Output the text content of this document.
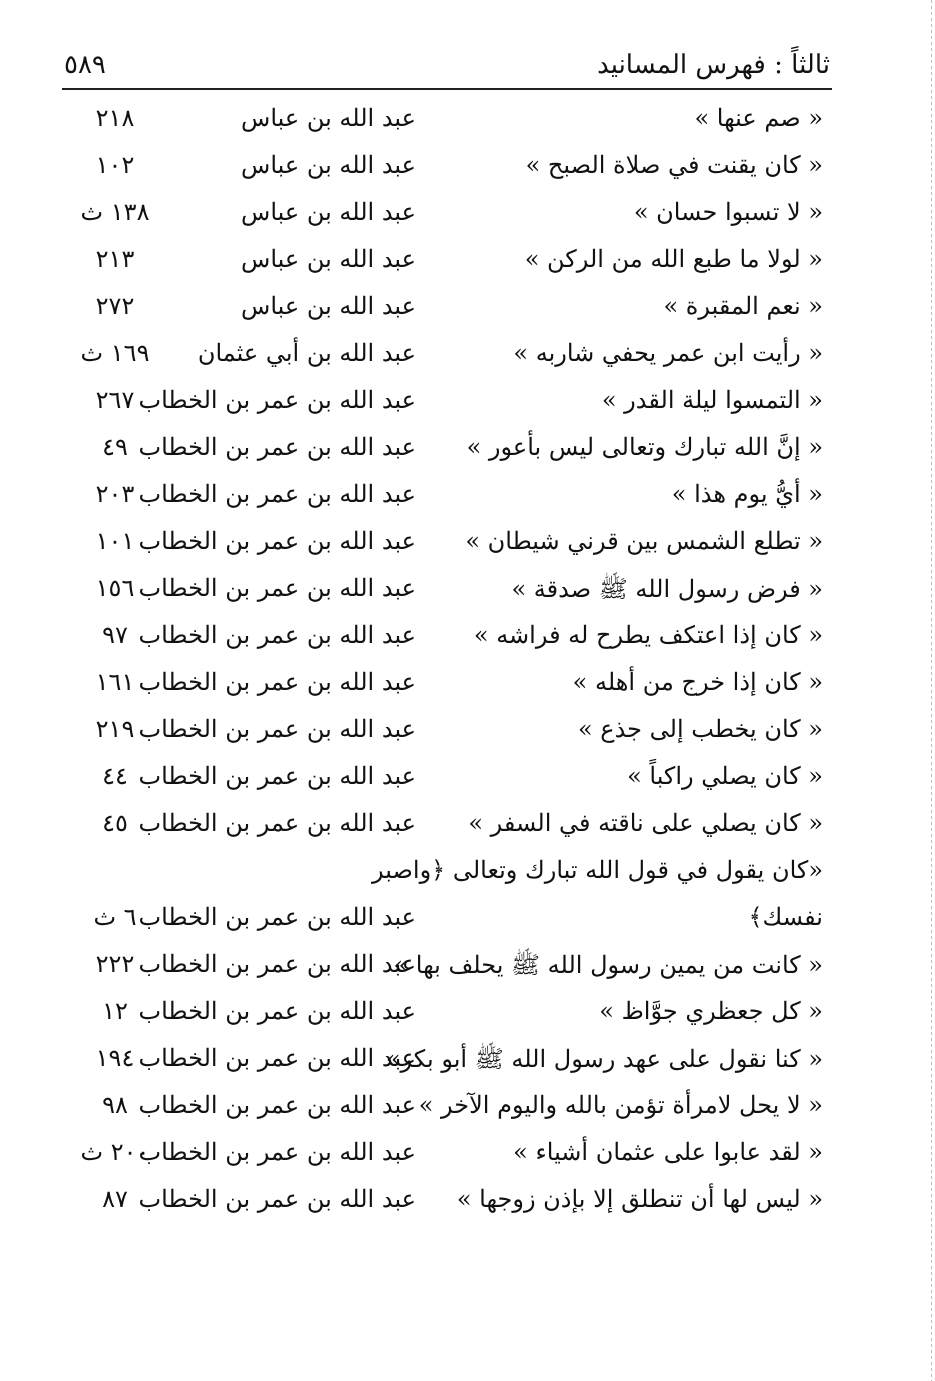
٥٨٩	ثالثاً : فهرس المسانيد
« صم عنها »
عبد الله بن عباس
٢١٨
« كان يقنت في صلاة الصبح »
عبد الله بن عباس
١٠٢
« لا تسبوا حسان »
عبد الله بن عباس
١٣٨ ث
« لولا ما طبع الله من الركن »
عبد الله بن عباس
٢١٣
« نعم المقبرة »
عبد الله بن عباس
٢٧٢
« رأيت ابن عمر يحفي شاربه »
عبد الله بن أبي عثمان
١٦٩ ث
« التمسوا ليلة القدر »
عبد الله بن عمر بن الخطاب
٢٦٧
« إنَّ الله تبارك وتعالى ليس بأعور »
عبد الله بن عمر بن الخطاب
٤٩
« أيُّ يوم هذا »
عبد الله بن عمر بن الخطاب
٢٠٣
« تطلع الشمس بين قرني شيطان »
عبد الله بن عمر بن الخطاب
١٠١
« فرض رسول الله ﷺ صدقة »
عبد الله بن عمر بن الخطاب
١٥٦
« كان إذا اعتكف يطرح له فراشه »
عبد الله بن عمر بن الخطاب
٩٧
« كان إذا خرج من أهله »
عبد الله بن عمر بن الخطاب
١٦١
« كان يخطب إلى جذع »
عبد الله بن عمر بن الخطاب
٢١٩
« كان يصلي راكباً »
عبد الله بن عمر بن الخطاب
٤٤
« كان يصلي على ناقته في السفر »
عبد الله بن عمر بن الخطاب
٤٥
«كان يقول في قول الله تبارك وتعالى ﴿واصبر
نفسك﴾
عبد الله بن عمر بن الخطاب
٦ ث
« كانت من يمين رسول الله ﷺ يحلف بها »
عبد الله بن عمر بن الخطاب
٢٢٢
« كل جعظري جوَّاظ »
عبد الله بن عمر بن الخطاب
١٢
« كنا نقول على عهد رسول الله ﷺ أبو بكر»
عبد الله بن عمر بن الخطاب
١٩٤
« لا يحل لامرأة تؤمن بالله واليوم الآخر »
عبد الله بن عمر بن الخطاب
٩٨
« لقد عابوا على عثمان أشياء »
عبد الله بن عمر بن الخطاب
٢٠٠ ث
« ليس لها أن تنطلق إلا بإذن زوجها »
عبد الله بن عمر بن الخطاب
٨٧
